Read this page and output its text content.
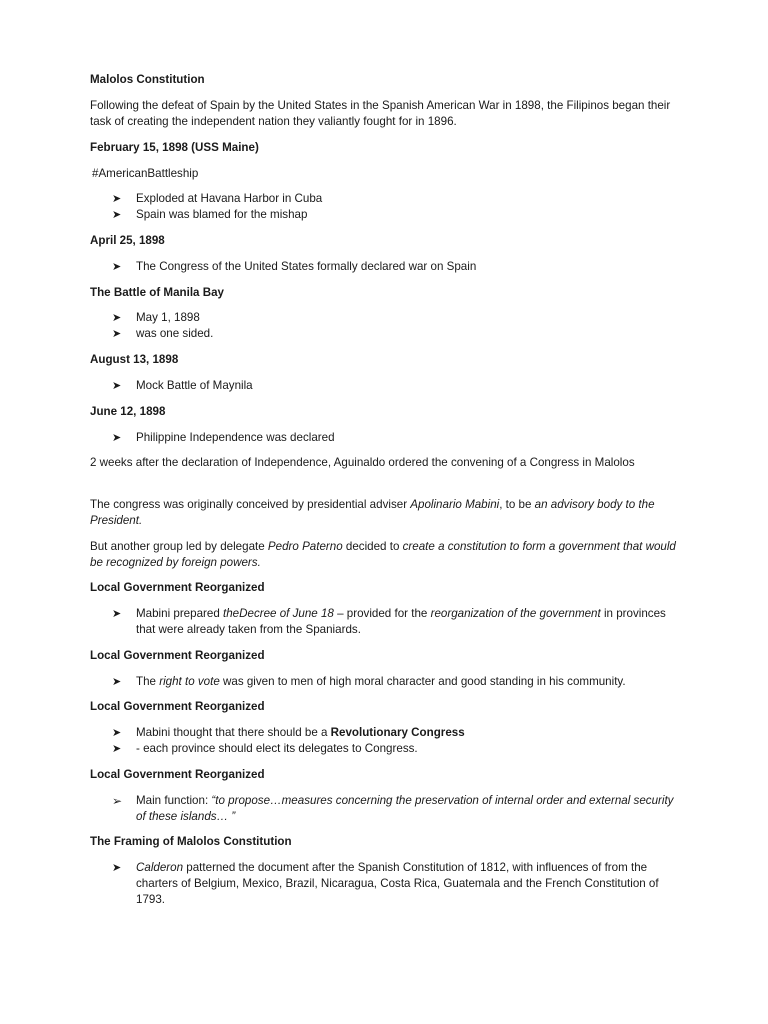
Malolos Constitution
Following the defeat of Spain by the United States in the Spanish American War in 1898, the Filipinos began their task of creating the independent nation they valiantly fought for in 1896.
February 15, 1898 (USS Maine)
#AmericanBattleship
➤ Exploded at Havana Harbor in Cuba
➤ Spain was blamed for the mishap
April 25, 1898
➤ The Congress of the United States formally declared war on Spain
The Battle of Manila Bay
➤ May 1, 1898
➤ was one sided.
August 13, 1898
➤ Mock Battle of Maynila
June 12, 1898
➤ Philippine Independence was declared
2 weeks after the declaration of Independence, Aguinaldo ordered the convening of a Congress in Malolos
The congress was originally conceived by presidential adviser Apolinario Mabini, to be an advisory body to the President.
But another group led by delegate Pedro Paterno decided to create a constitution to form a government that would be recognized by foreign powers.
Local Government Reorganized
➤ Mabini prepared theDecree of June 18 – provided for the reorganization of the government in provinces that were already taken from the Spaniards.
Local Government Reorganized
➤ The right to vote was given to men of high moral character and good standing in his community.
Local Government Reorganized
➤ Mabini thought that there should be a Revolutionary Congress
➤ - each province should elect its delegates to Congress.
Local Government Reorganized
➢ Main function: “to propose…measures concerning the preservation of internal order and external security of these islands… ”
The Framing of Malolos Constitution
➤ Calderon patterned the document after the Spanish Constitution of 1812, with influences of from the charters of Belgium, Mexico, Brazil, Nicaragua, Costa Rica, Guatemala and the French Constitution of 1793.
